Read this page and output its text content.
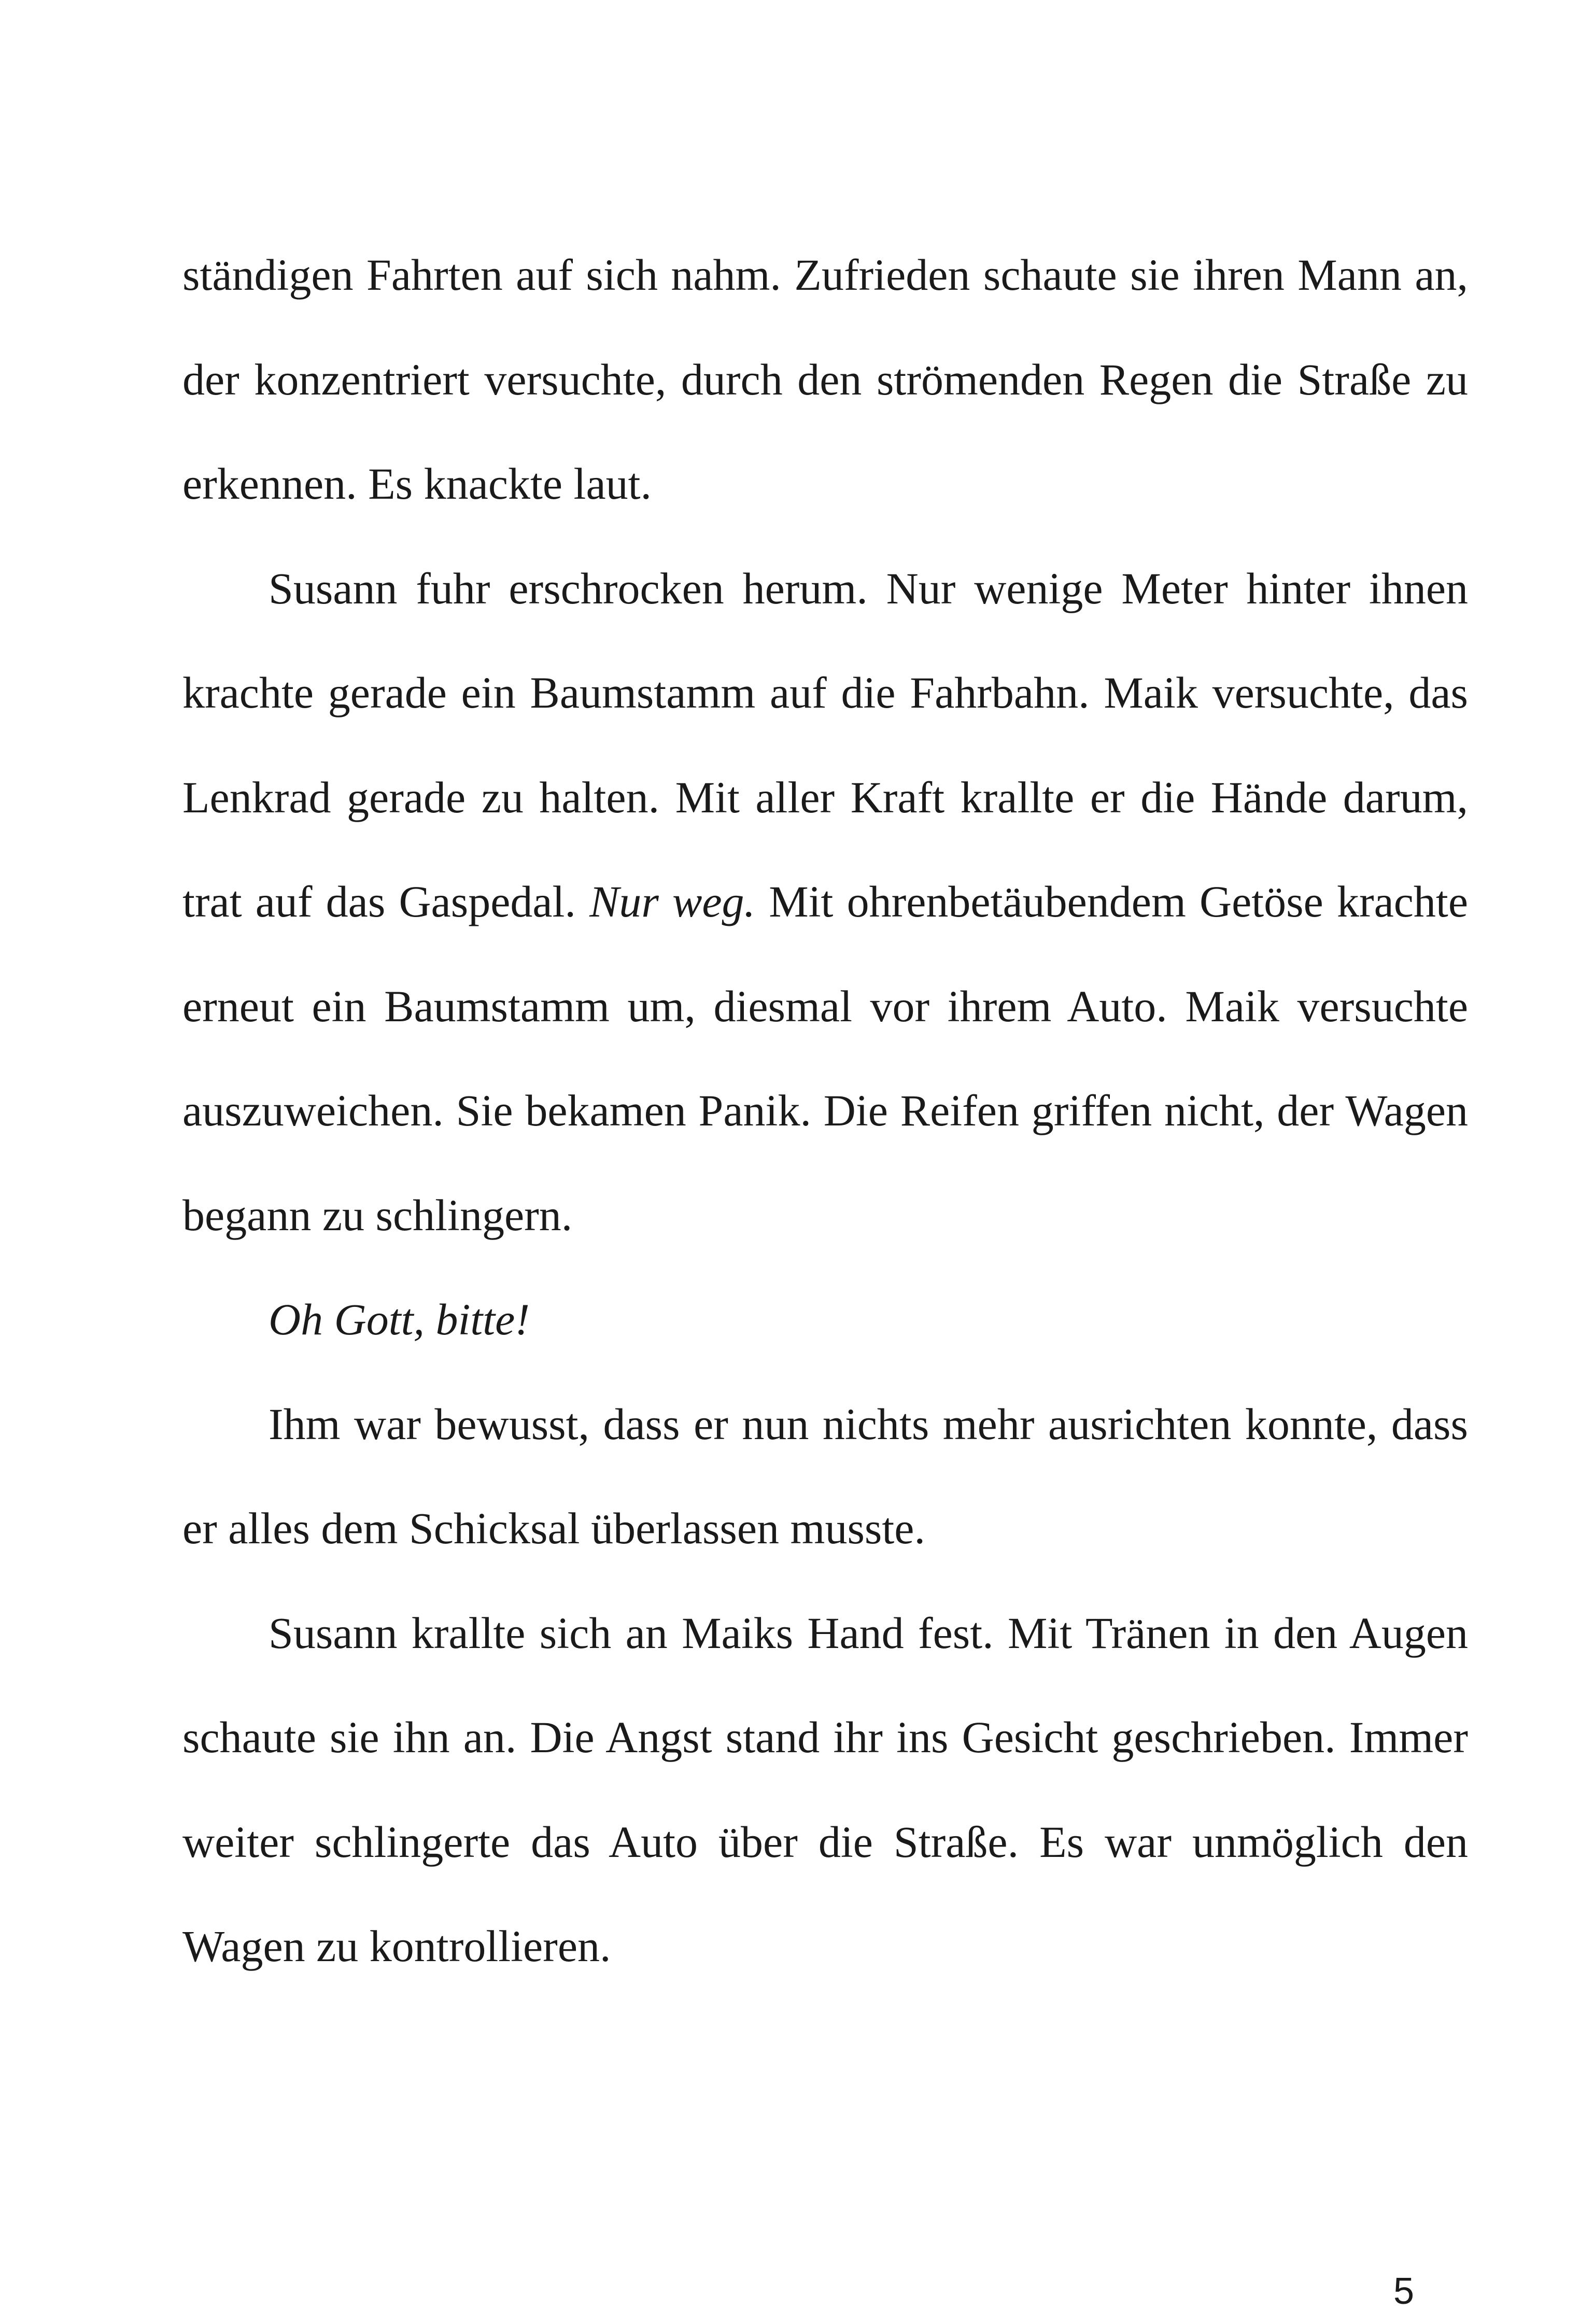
ständigen Fahrten auf sich nahm. Zufrieden schaute sie ihren Mann an, der konzentriert versuchte, durch den strömenden Regen die Straße zu erkennen. Es knackte laut.

Susann fuhr erschrocken herum. Nur wenige Meter hinter ihnen krachte gerade ein Baumstamm auf die Fahrbahn. Maik versuchte, das Lenkrad gerade zu halten. Mit aller Kraft krallte er die Hände darum, trat auf das Gaspedal. Nur weg. Mit ohrenbetäubendem Getöse krachte erneut ein Baumstamm um, diesmal vor ihrem Auto. Maik versuchte auszuweichen. Sie bekamen Panik. Die Reifen griffen nicht, der Wagen begann zu schlingern.

Oh Gott, bitte!

Ihm war bewusst, dass er nun nichts mehr ausrichten konnte, dass er alles dem Schicksal überlassen musste.

Susann krallte sich an Maiks Hand fest. Mit Tränen in den Augen schaute sie ihn an. Die Angst stand ihr ins Gesicht geschrieben. Immer weiter schlingerte das Auto über die Straße. Es war unmöglich den Wagen zu kontrollieren.

5
